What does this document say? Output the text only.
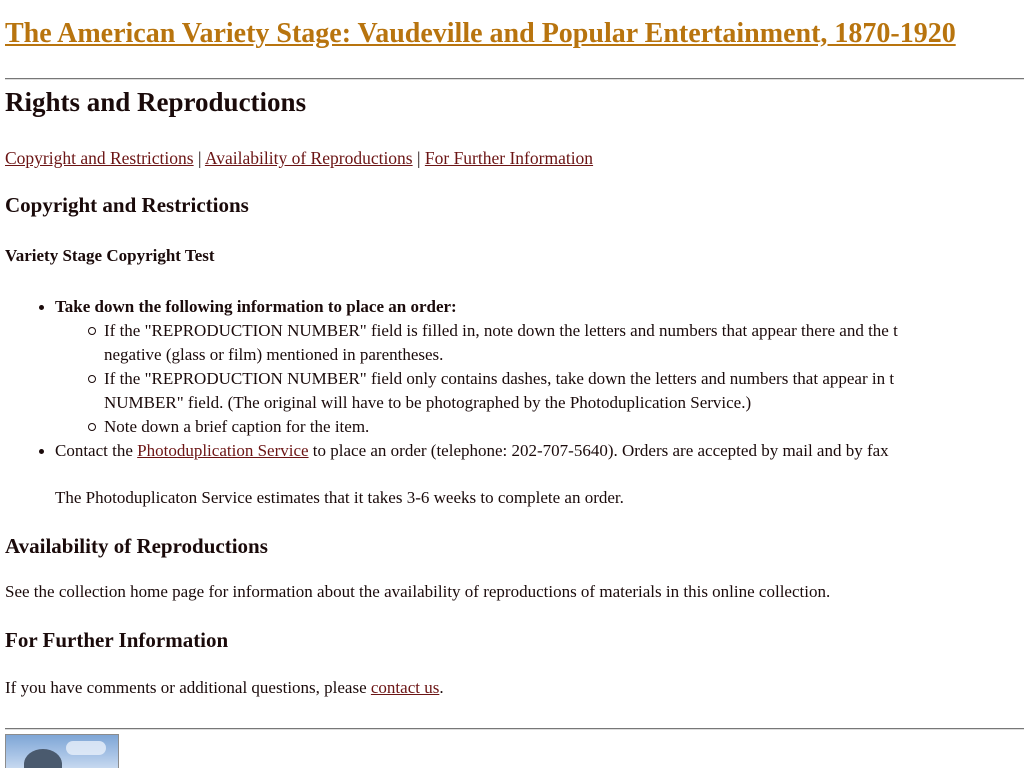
The American Variety Stage: Vaudeville and Popular Entertainment, 1870-1920
Rights and Reproductions
Copyright and Restrictions | Availability of Reproductions | For Further Information
Copyright and Restrictions
Variety Stage Copyright Test
Take down the following information to place an order:
If the "REPRODUCTION NUMBER" field is filled in, note down the letters and numbers that appear there and the t
negative (glass or film) mentioned in parentheses.
If the "REPRODUCTION NUMBER" field only contains dashes, take down the letters and numbers that appear in t
NUMBER" field. (The original will have to be photographed by the Photoduplication Service.)
Note down a brief caption for the item.
Contact the Photoduplication Service to place an order (telephone: 202-707-5640). Orders are accepted by mail and by fax
The Photoduplicaton Service estimates that it takes 3-6 weeks to complete an order.
Availability of Reproductions

See the collection home page for information about the availability of reproductions of materials in this online collection.

For Further Information

If you have comments or additional questions, please contact us.
